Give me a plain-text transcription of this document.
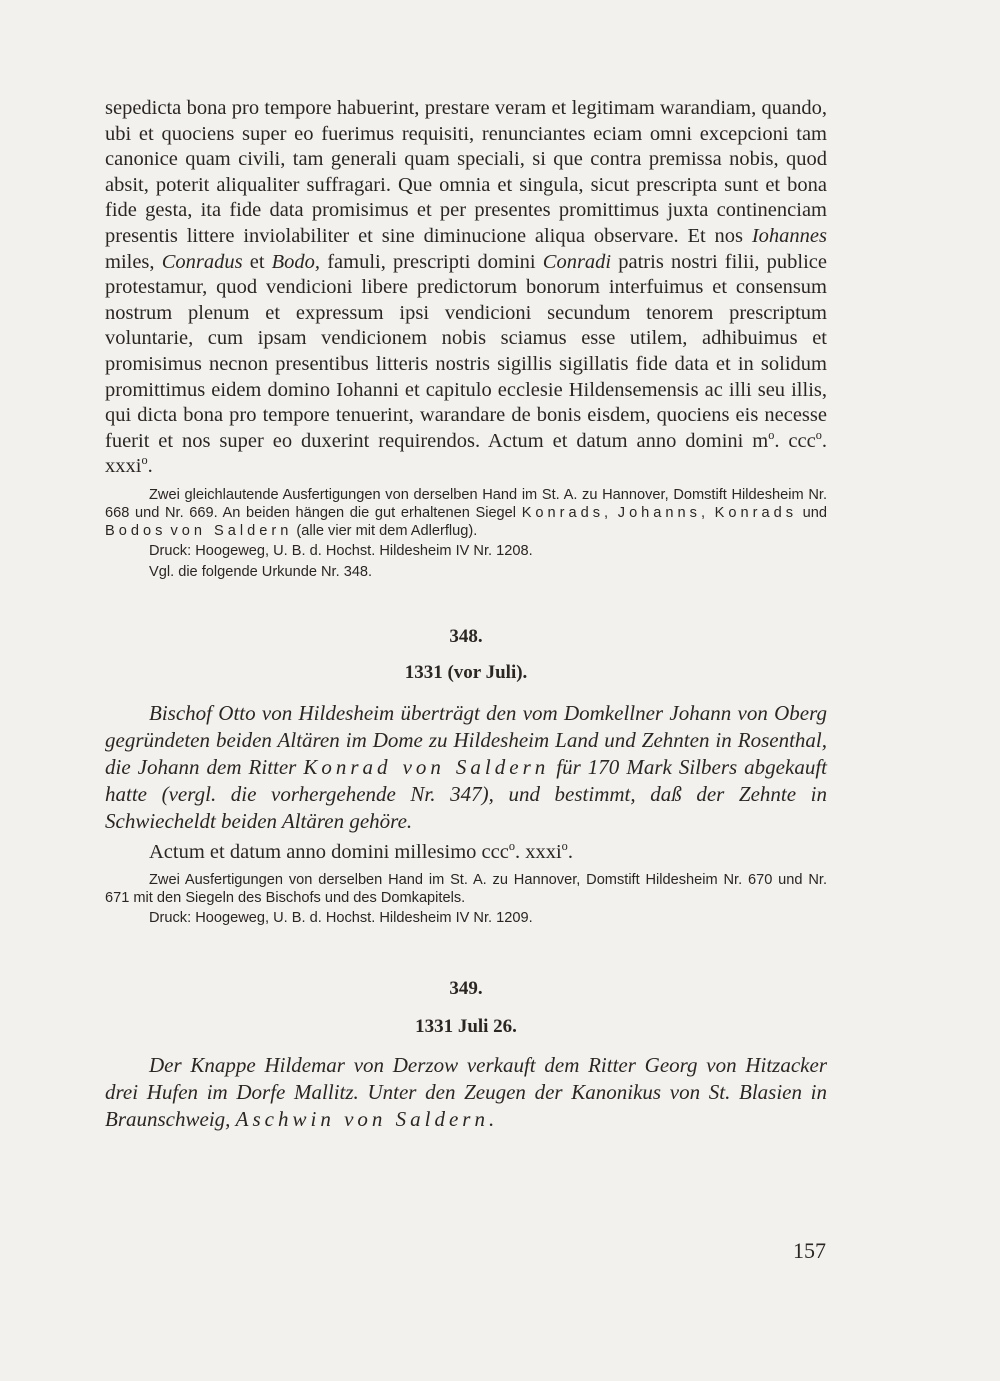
sepedicta bona pro tempore habuerint, prestare veram et legitimam warandiam, quando, ubi et quociens super eo fuerimus requisiti, renunciantes eciam omni excepcioni tam canonice quam civili, tam generali quam speciali, si que contra premissa nobis, quod absit, poterit aliqualiter suffragari. Que omnia et singula, sicut prescripta sunt et bona fide gesta, ita fide data promisimus et per presentes promittimus juxta continenciam presentis littere inviolabiliter et sine diminucione aliqua observare. Et nos Iohannes miles, Conradus et Bodo, famuli, prescripti domini Conradi patris nostri filii, publice protestamur, quod vendicioni libere predictorum bonorum interfuimus et consensum nostrum plenum et expressum ipsi vendicioni secundum tenorem prescriptum voluntarie, cum ipsam vendicionem nobis sciamus esse utilem, adhibuimus et promisimus necnon presentibus litteris nostris sigillis sigillatis fide data et in solidum promittimus eidem domino Iohanni et capitulo ecclesie Hildensemensis ac illi seu illis, qui dicta bona pro tempore tenuerint, warandare de bonis eisdem, quociens eis necesse fuerit et nos super eo duxerint requirendos. Actum et datum anno domini $m^o$. ccc$^o$. xxxi$^o$.

Zwei gleichlautende Ausfertigungen von derselben Hand im St. A. zu Hannover, Domstift Hildesheim Nr. 668 und Nr. 669. An beiden hängen die gut erhaltenen Siegel Konrads, Johanns, Konrads und Bodos von Saldern (alle vier mit dem Adlerflug).

Druck: Hoogeweg, U. B. d. Hochst. Hildesheim IV Nr. 1208.

Vgl. die folgende Urkunde Nr. 348.

348.

1331 (vor Juli).

Bischof Otto von Hildesheim überträgt den vom Domkellner Johann von Oberg gegründeten beiden Altären im Dome zu Hildesheim Land und Zehnten in Rosenthal, die Johann dem Ritter Konrad von Saldern für 170 Mark Silbers abgekauft hatte (vergl. die vorhergehende Nr. 347), und bestimmt, daß der Zehnte in Schwiecheldt beiden Altären gehöre.

Actum et datum anno domini millesimo ccc$^o$. xxxi$^o$.

Zwei Ausfertigungen von derselben Hand im St. A. zu Hannover, Domstift Hildesheim Nr. 670 und Nr. 671 mit den Siegeln des Bischofs und des Domkapitels.

Druck: Hoogeweg, U. B. d. Hochst. Hildesheim IV Nr. 1209.

349.

1331 Juli 26.

Der Knappe Hildemar von Derzow verkauft dem Ritter Georg von Hitzacker drei Hufen im Dorfe Mallitz. Unter den Zeugen der Kanonikus von St. Blasien in Braunschweig, Aschwin von Saldern.

157
